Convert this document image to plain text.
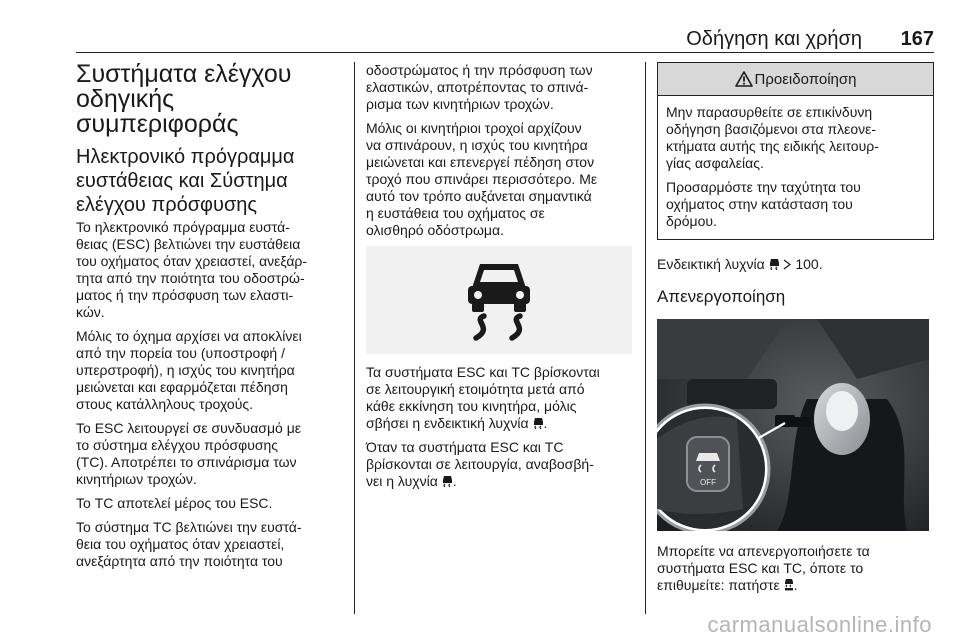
Οδήγηση και χρήση 167
Συστήματα ελέγχου
οδηγικής
συμπεριφοράς
Ηλεκτρονικό πρόγραμμα
ευστάθειας και Σύστημα
ελέγχου πρόσφυσης

Το ηλεκτρονικό πρόγραμμα ευστά-
θειας (ESC) βελτιώνει την ευστάθεια
του οχήματος όταν χρειαστεί, ανεξάρ-
τητα από την ποιότητα του οδοστρώ-
ματος ή την πρόσφυση των ελαστι-
κών.

Μόλις το όχημα αρχίσει να αποκλίνει
από την πορεία του (υποστροφή /
υπερστροφή), η ισχύς του κινητήρα
μειώνεται και εφαρμόζεται πέδηση
στους κατάλληλους τροχούς.

Το ESC λειτουργεί σε συνδυασμό με
το σύστημα ελέγχου πρόσφυσης
(TC). Αποτρέπει το σπινάρισμα των
κινητήριων τροχών.

Το TC αποτελεί μέρος του ESC.

Το σύστημα TC βελτιώνει την ευστά-
θεια του οχήματος όταν χρειαστεί,
ανεξάρτητα από την ποιότητα του

οδοστρώματος ή την πρόσφυση των
ελαστικών, αποτρέποντας το σπινά-
ρισμα των κινητήριων τροχών.

Μόλις οι κινητήριοι τροχοί αρχίζουν
να σπινάρουν, η ισχύς του κινητήρα
μειώνεται και επενεργεί πέδηση στον
τροχό που σπινάρει περισσότερο. Με
αυτό τον τρόπο αυξάνεται σημαντικά
η ευστάθεια του οχήματος σε
ολισθηρό οδόστρωμα.

Τα συστήματα ESC και TC βρίσκονται
σε λειτουργική ετοιμότητα μετά από
κάθε εκκίνηση του κινητήρα, μόλις
σβήσει η ενδεικτική λυχνία .

Όταν τα συστήματα ESC και TC
βρίσκονται σε λειτουργία, αναβοσβή-
νει η λυχνία .

Προειδοποίηση

Μην παρασυρθείτε σε επικίνδυνη
οδήγηση βασιζόμενοι στα πλεονε-
κτήματα αυτής της ειδικής λειτουρ-
γίας ασφαλείας.

Προσαρμόστε την ταχύτητα του
οχήματος στην κατάσταση του
δρόμου.

Ενδεικτική λυχνία 100.

Απενεργοποίηση
OFF

Μπορείτε να απενεργοποιήσετε τα
συστήματα ESC και TC, όποτε το
επιθυμείτε: πατήστε .

carmanualsonline.info
